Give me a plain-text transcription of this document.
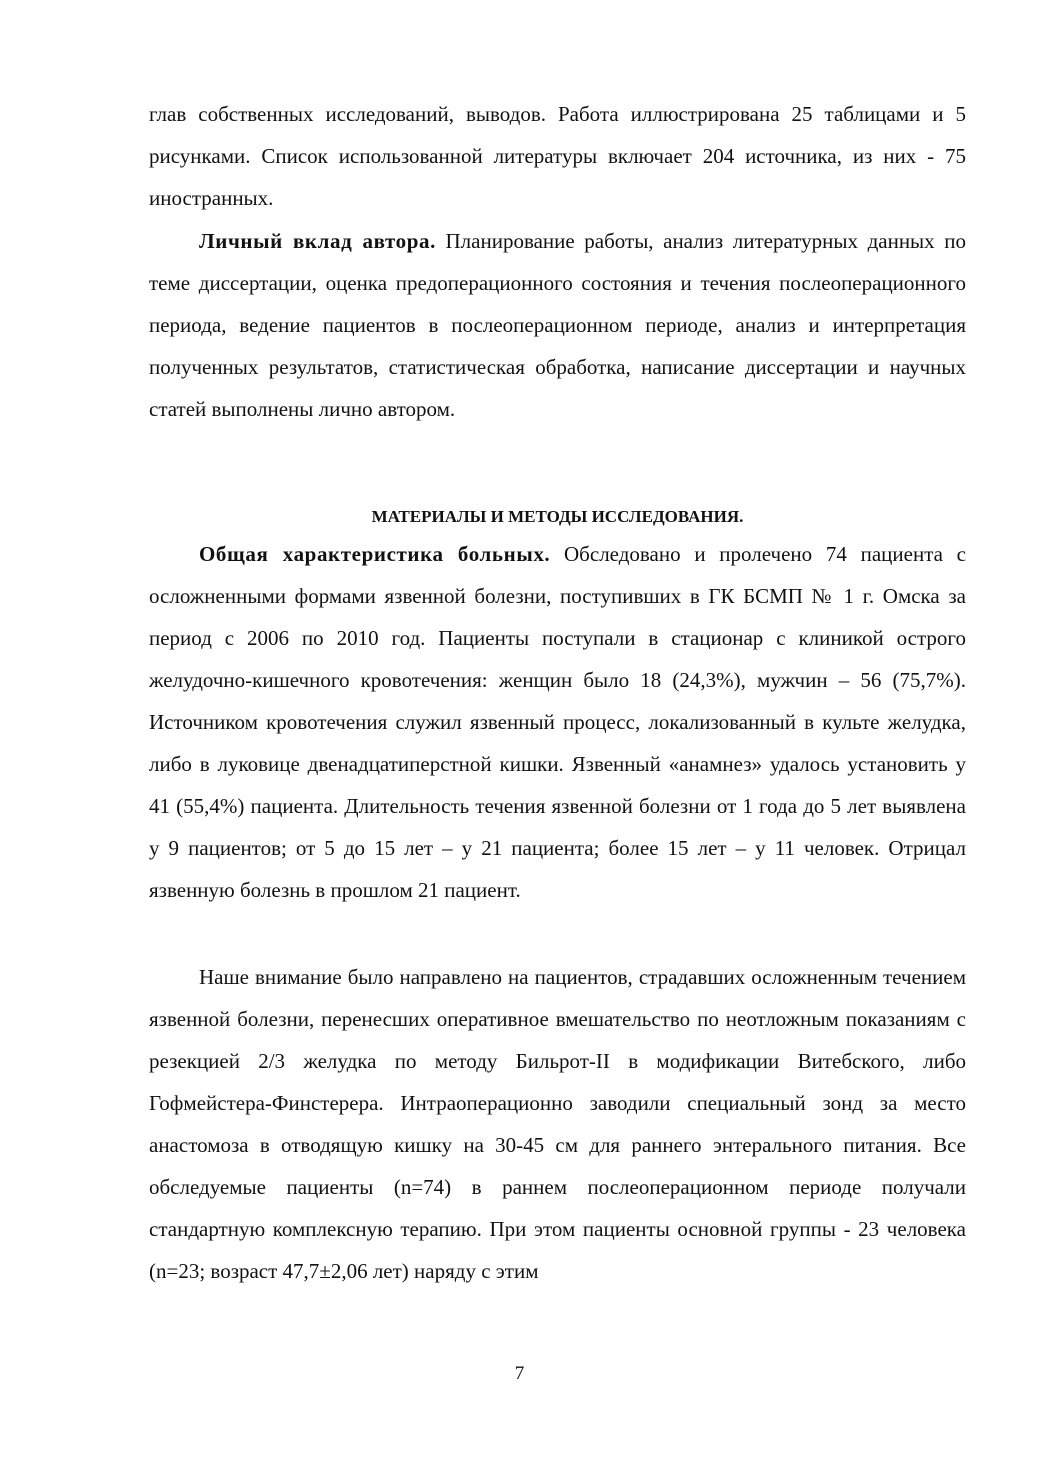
глав собственных исследований, выводов. Работа иллюстрирована 25 таблицами и 5 рисунками. Список использованной литературы включает 204 источника, из них - 75 иностранных.

Личный вклад автора. Планирование работы, анализ литературных данных по теме диссертации, оценка предоперационного состояния и течения послеоперационного периода, ведение пациентов в послеоперационном периоде, анализ и интерпретация полученных результатов, статистическая обработка, написание диссертации и научных статей выполнены лично автором.

МАТЕРИАЛЫ И МЕТОДЫ ИССЛЕДОВАНИЯ.

Общая характеристика больных. Обследовано и пролечено 74 пациента с осложненными формами язвенной болезни, поступивших в ГК БСМП № 1 г. Омска за период с 2006 по 2010 год. Пациенты поступали в стационар с клиникой острого желудочно-кишечного кровотечения: женщин было 18 (24,3%), мужчин – 56 (75,7%). Источником кровотечения служил язвенный процесс, локализованный в культе желудка, либо в луковице двенадцатиперстной кишки. Язвенный «анамнез» удалось установить у 41 (55,4%) пациента. Длительность течения язвенной болезни от 1 года до 5 лет выявлена у 9 пациентов; от 5 до 15 лет – у 21 пациента; более 15 лет – у 11 человек. Отрицал язвенную болезнь в прошлом 21 пациент.

Наше внимание было направлено на пациентов, страдавших осложненным течением язвенной болезни, перенесших оперативное вмешательство по неотложным показаниям с резекцией 2/3 желудка по методу Бильрот-II в модификации Витебского, либо Гофмейстера-Финстерера. Интраоперационно заводили специальный зонд за место анастомоза в отводящую кишку на 30-45 см для раннего энтерального питания. Все обследуемые пациенты (n=74) в раннем послеоперационном периоде получали стандартную комплексную терапию. При этом пациенты основной группы - 23 человека (n=23; возраст 47,7±2,06 лет) наряду с этим

7
